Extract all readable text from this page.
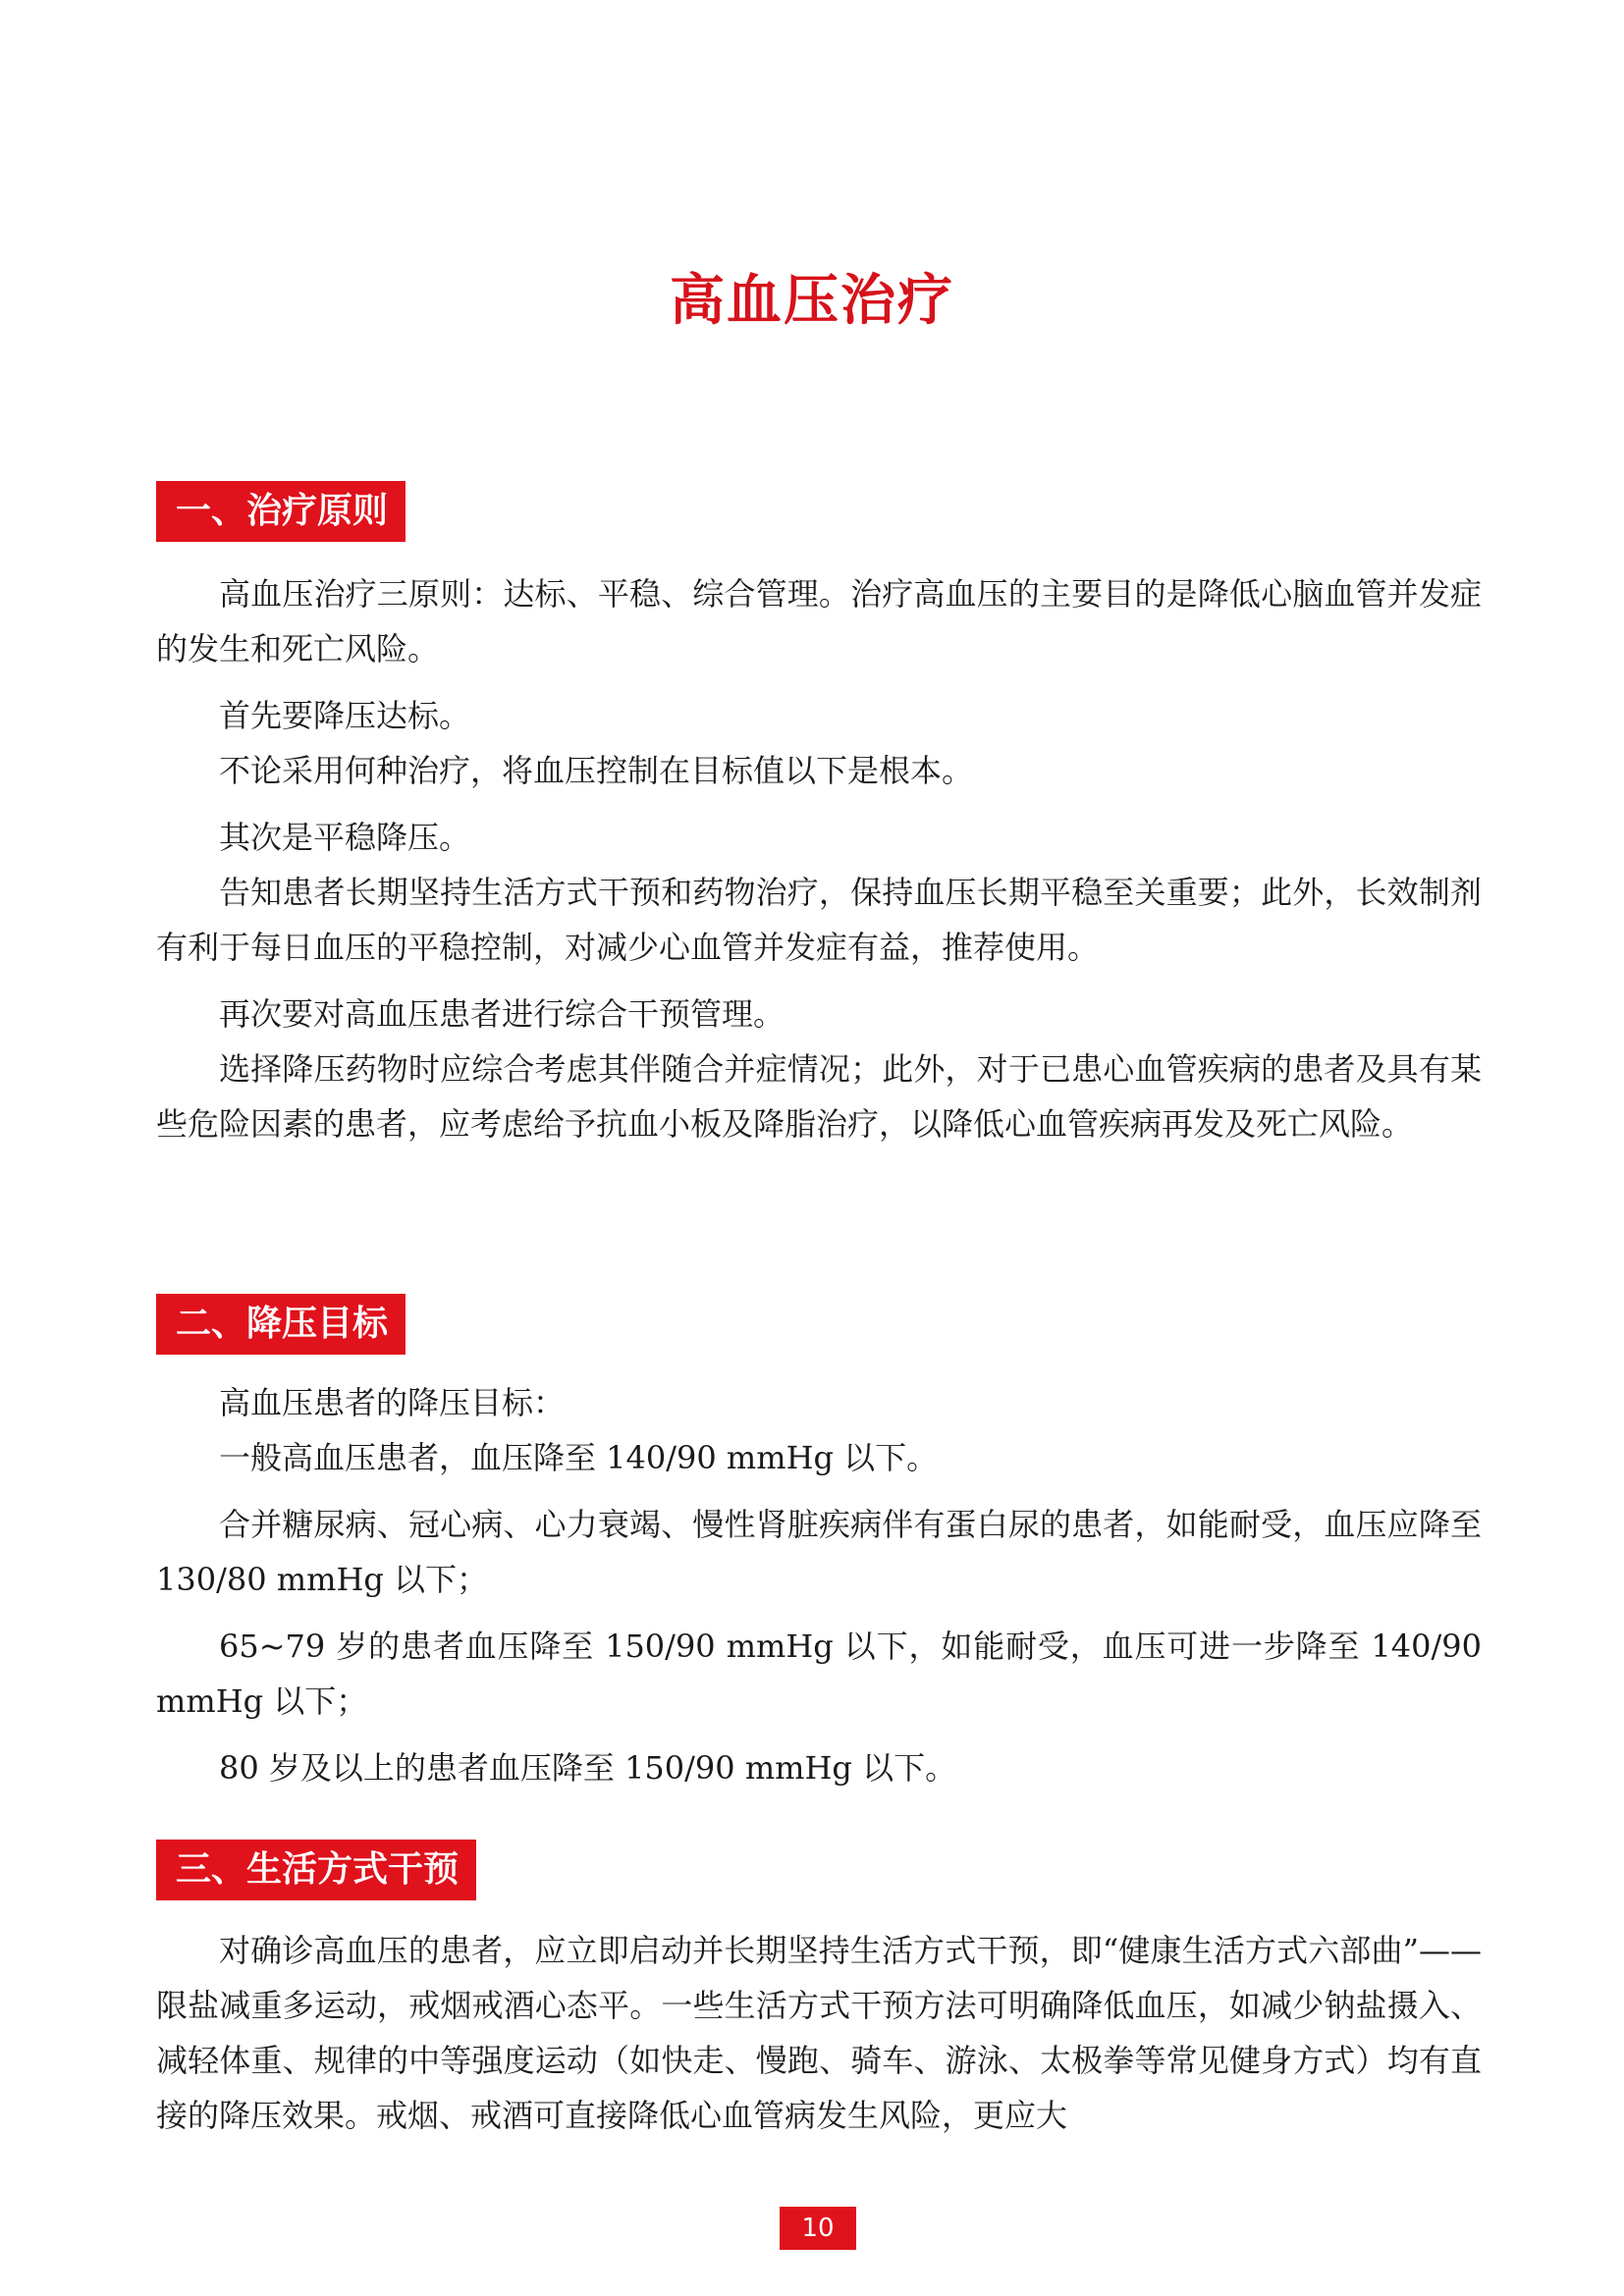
高血压治疗
一、治疗原则

高血压治疗三原则：达标、平稳、综合管理。治疗高血压的主要目的是降低心脑血管并发症的发生和死亡风险。

首先要降压达标。

不论采用何种治疗，将血压控制在目标值以下是根本。

其次是平稳降压。

告知患者长期坚持生活方式干预和药物治疗，保持血压长期平稳至关重要；此外，长效制剂有利于每日血压的平稳控制，对减少心血管并发症有益，推荐使用。

再次要对高血压患者进行综合干预管理。

选择降压药物时应综合考虑其伴随合并症情况；此外，对于已患心血管疾病的患者及具有某些危险因素的患者，应考虑给予抗血小板及降脂治疗，以降低心血管疾病再发及死亡风险。

二、降压目标

高血压患者的降压目标：

一般高血压患者，血压降至 140/90 mmHg 以下。

合并糖尿病、冠心病、心力衰竭、慢性肾脏疾病伴有蛋白尿的患者，如能耐受，血压应降至 130/80 mmHg 以下；

65~79 岁的患者血压降至 150/90 mmHg 以下，如能耐受，血压可进一步降至 140/90 mmHg 以下；

80 岁及以上的患者血压降至 150/90 mmHg 以下。

三、生活方式干预

对确诊高血压的患者，应立即启动并长期坚持生活方式干预，即“健康生活方式六部曲”—— 限盐减重多运动，戒烟戒酒心态平。一些生活方式干预方法可明确降低血压，如减少钠盐摄入、减轻体重、规律的中等强度运动（如快走、慢跑、骑车、游泳、太极拳等常见健身方式）均有直接的降压效果。戒烟、戒酒可直接降低心血管病发生风险，更应大

10
